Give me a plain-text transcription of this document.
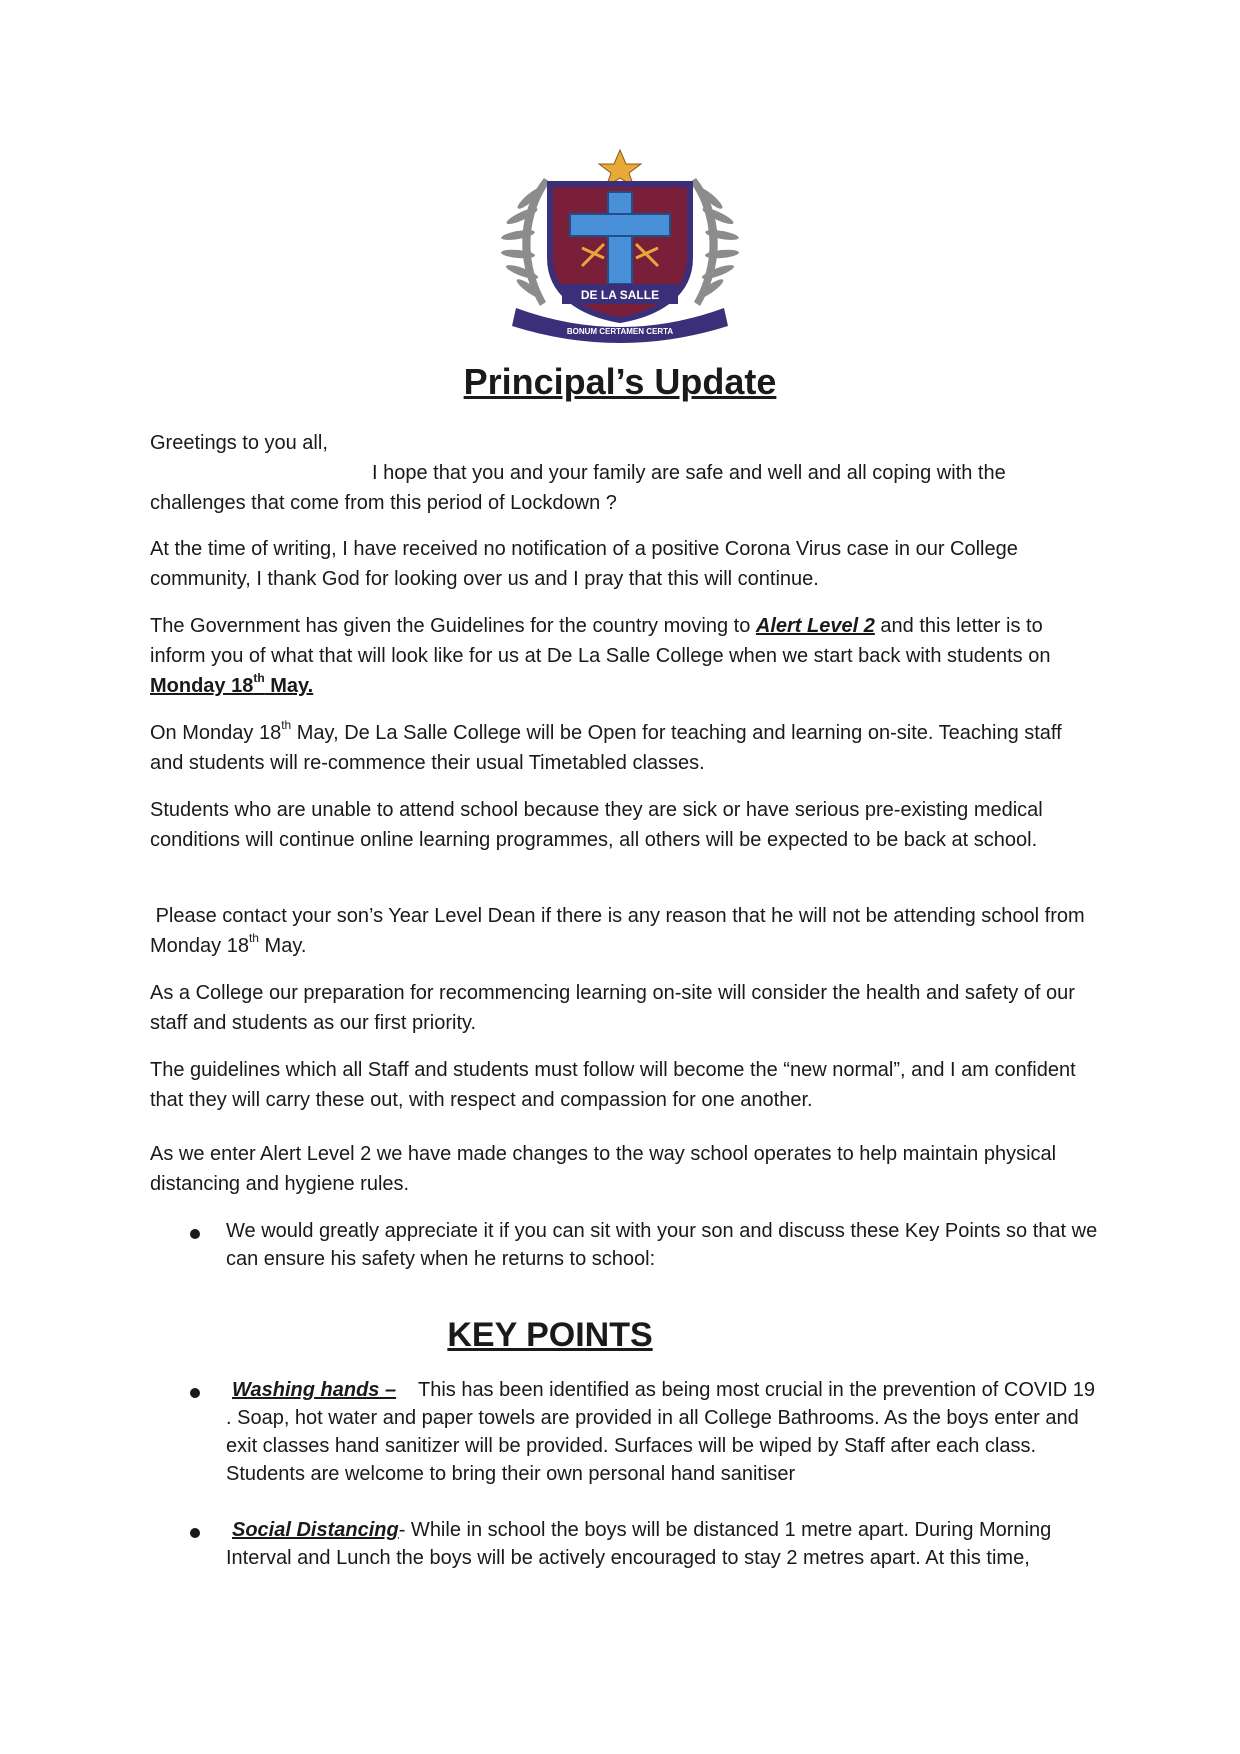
DE LA SALLE
BONUM CERTAMEN CERTA
Principal’s Update

Greetings to you all,

I hope that you and your family are safe and well and all coping with the
challenges that come from this period of Lockdown ?

At the time of writing, I have received no notification of a positive Corona Virus case in our College community, I thank God for looking over us and I pray that this will continue.

The Government has given the Guidelines for the country moving to Alert Level 2 and this letter is to inform you of what that will look like for us at De La Salle College when we start back with students on Monday 18th May.

On Monday 18th May, De La Salle College will be Open for teaching and learning on-site. Teaching staff and students will re-commence their usual Timetabled classes.

Students who are unable to attend school because they are sick or have serious pre-existing medical conditions will continue online learning programmes, all others will be expected to be back at school.

Please contact your son’s Year Level Dean if there is any reason that he will not be attending school from Monday 18th May.

As a College our preparation for recommencing learning on-site will consider the health and safety of our staff and students as our first priority.

The guidelines which all Staff and students must follow will become the “new normal”, and I am confident that they will carry these out, with respect and compassion for one another.

As we enter Alert Level 2 we have made changes to the way school operates to help maintain physical distancing and hygiene rules.

We would greatly appreciate it if you can sit with your son and discuss these Key Points so that we can ensure his safety when he returns to school:

KEY POINTS

Washing hands –    This has been identified as being most crucial in the prevention of COVID 19 . Soap, hot water and paper towels are provided in all College Bathrooms. As the boys enter and exit classes hand sanitizer will be provided. Surfaces will be wiped by Staff after each class. Students are welcome to bring their own personal hand sanitiser

Social Distancing- While in school the boys will be distanced 1 metre apart. During Morning Interval and Lunch the boys will be actively encouraged to stay 2 metres apart. At this time,
